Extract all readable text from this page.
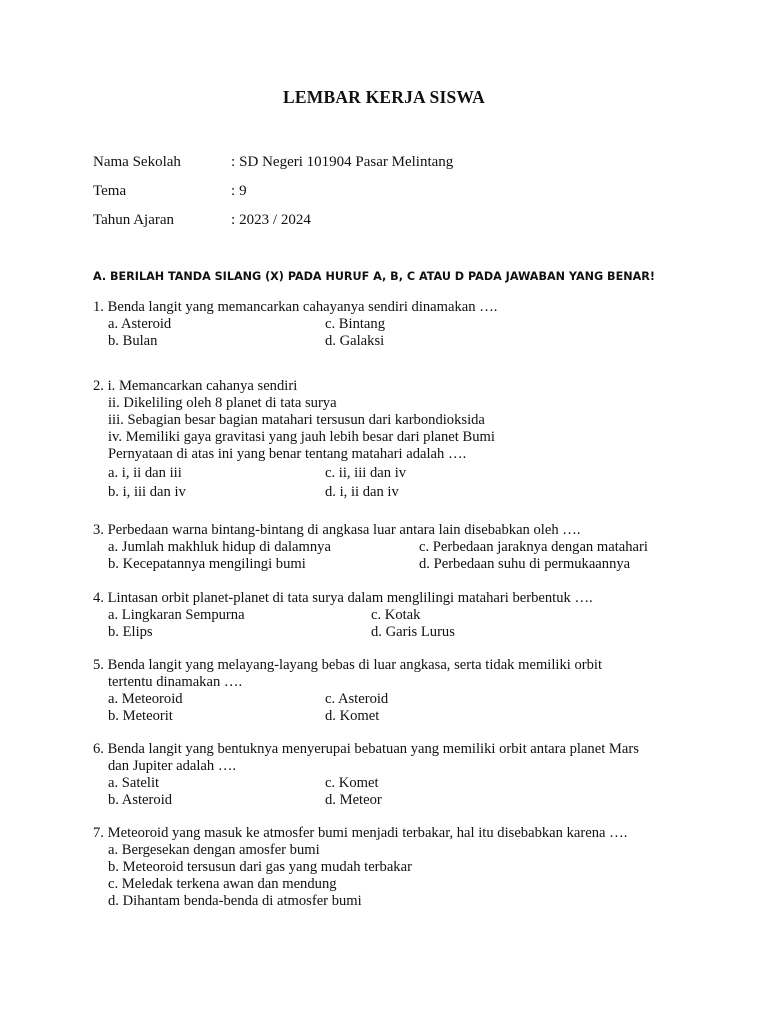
LEMBAR KERJA SISWA
Nama Sekolah	: SD Negeri 101904 Pasar Melintang
Tema	: 9
Tahun Ajaran	: 2023 / 2024
A. BERILAH TANDA SILANG (X) PADA HURUF A, B, C ATAU D PADA JAWABAN YANG BENAR!
1. Benda langit yang memancarkan cahayanya sendiri dinamakan ….
a. Asteroid
b. Bulan
c. Bintang
d. Galaksi
2. i. Memancarkan cahanya sendiri
ii. Dikeliling oleh 8 planet di tata surya
iii. Sebagian besar bagian matahari tersusun dari karbondioksida
iv. Memiliki gaya gravitasi yang jauh lebih besar dari planet Bumi
Pernyataan di atas ini yang benar tentang matahari adalah ….
a. i, ii dan iii
b. i, iii dan iv
c. ii, iii dan iv
d. i, ii dan iv
3. Perbedaan warna bintang-bintang di angkasa luar antara lain disebabkan oleh ….
a. Jumlah makhluk hidup di dalamnya
b. Kecepatannya mengilingi bumi
c. Perbedaan jaraknya dengan matahari
d. Perbedaan suhu di permukaannya
4. Lintasan orbit planet-planet di tata surya dalam menglilingi matahari berbentuk ….
a. Lingkaran Sempurna
b. Elips
c. Kotak
d. Garis Lurus
5. Benda langit yang melayang-layang bebas di luar angkasa, serta tidak memiliki orbit
tertentu dinamakan ….
a. Meteoroid
b. Meteorit
c. Asteroid
d. Komet
6. Benda langit yang bentuknya menyerupai bebatuan yang memiliki orbit antara planet Mars
dan Jupiter adalah ….
a. Satelit
b. Asteroid
c. Komet
d. Meteor
7. Meteoroid yang masuk ke atmosfer bumi menjadi terbakar, hal itu disebabkan karena ….
a. Bergesekan dengan amosfer bumi
b. Meteoroid tersusun dari gas yang mudah terbakar
c. Meledak terkena awan dan mendung
d. Dihantam benda-benda di atmosfer bumi
